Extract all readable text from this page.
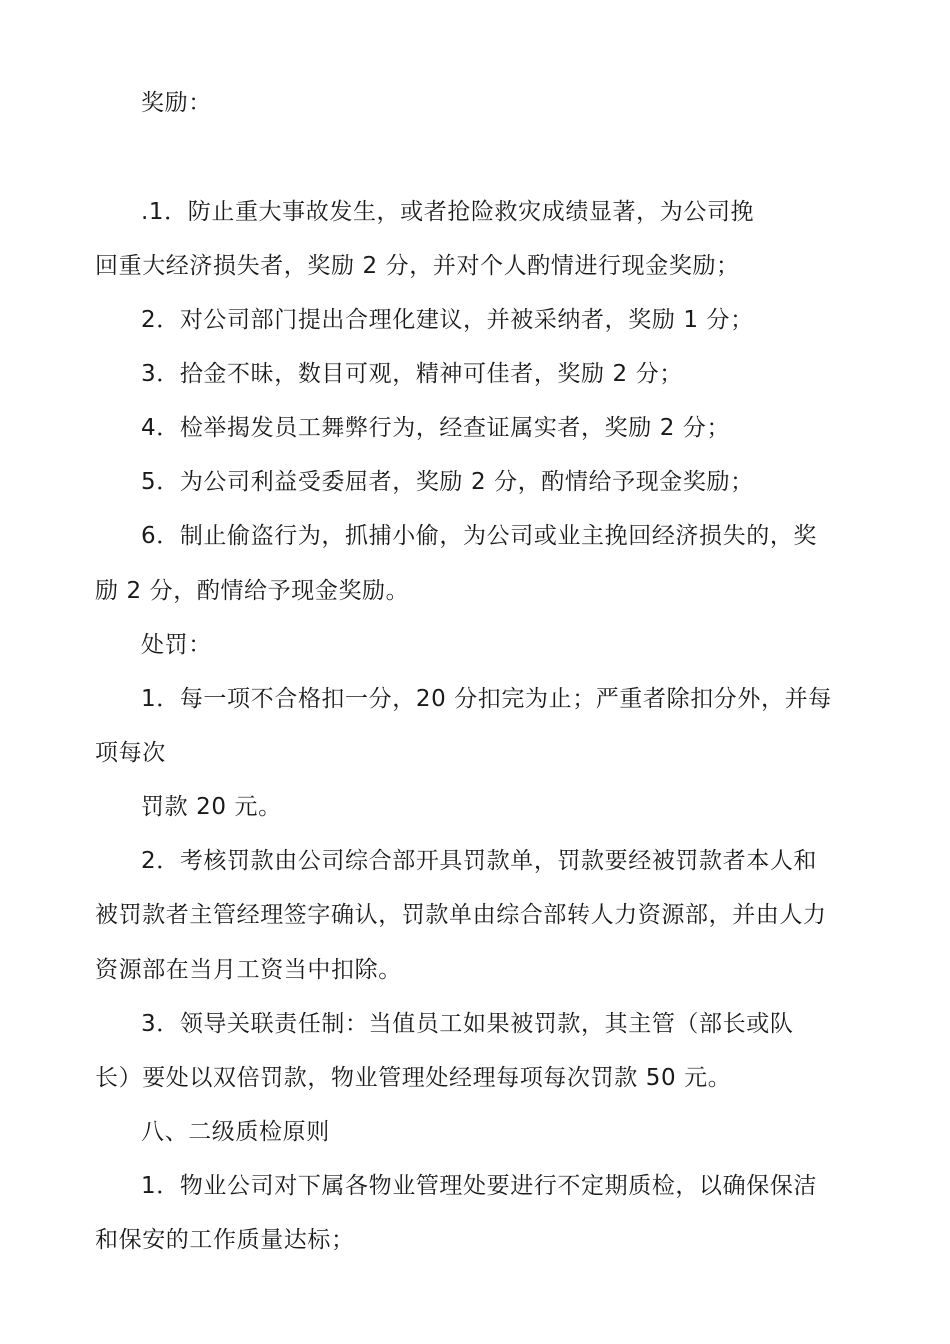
奖励：
.1．防止重大事故发生，或者抢险救灾成绩显著，为公司挽
回重大经济损失者，奖励 2 分，并对个人酌情进行现金奖励；
2．对公司部门提出合理化建议，并被采纳者，奖励 1 分；
3．拾金不昧，数目可观，精神可佳者，奖励 2 分；
4．检举揭发员工舞弊行为，经查证属实者，奖励 2 分；
5．为公司利益受委屈者，奖励 2 分，酌情给予现金奖励；
6．制止偷盗行为，抓捕小偷，为公司或业主挽回经济损失的，奖
励 2 分，酌情给予现金奖励。
处罚：
1．每一项不合格扣一分，20 分扣完为止；严重者除扣分外，并每
项每次
罚款 20 元。
2．考核罚款由公司综合部开具罚款单，罚款要经被罚款者本人和
被罚款者主管经理签字确认，罚款单由综合部转人力资源部，并由人力
资源部在当月工资当中扣除。
3．领导关联责任制：当值员工如果被罚款，其主管（部长或队
长）要处以双倍罚款，物业管理处经理每项每次罚款 50 元。
八、二级质检原则
1．物业公司对下属各物业管理处要进行不定期质检，以确保保洁
和保安的工作质量达标；
